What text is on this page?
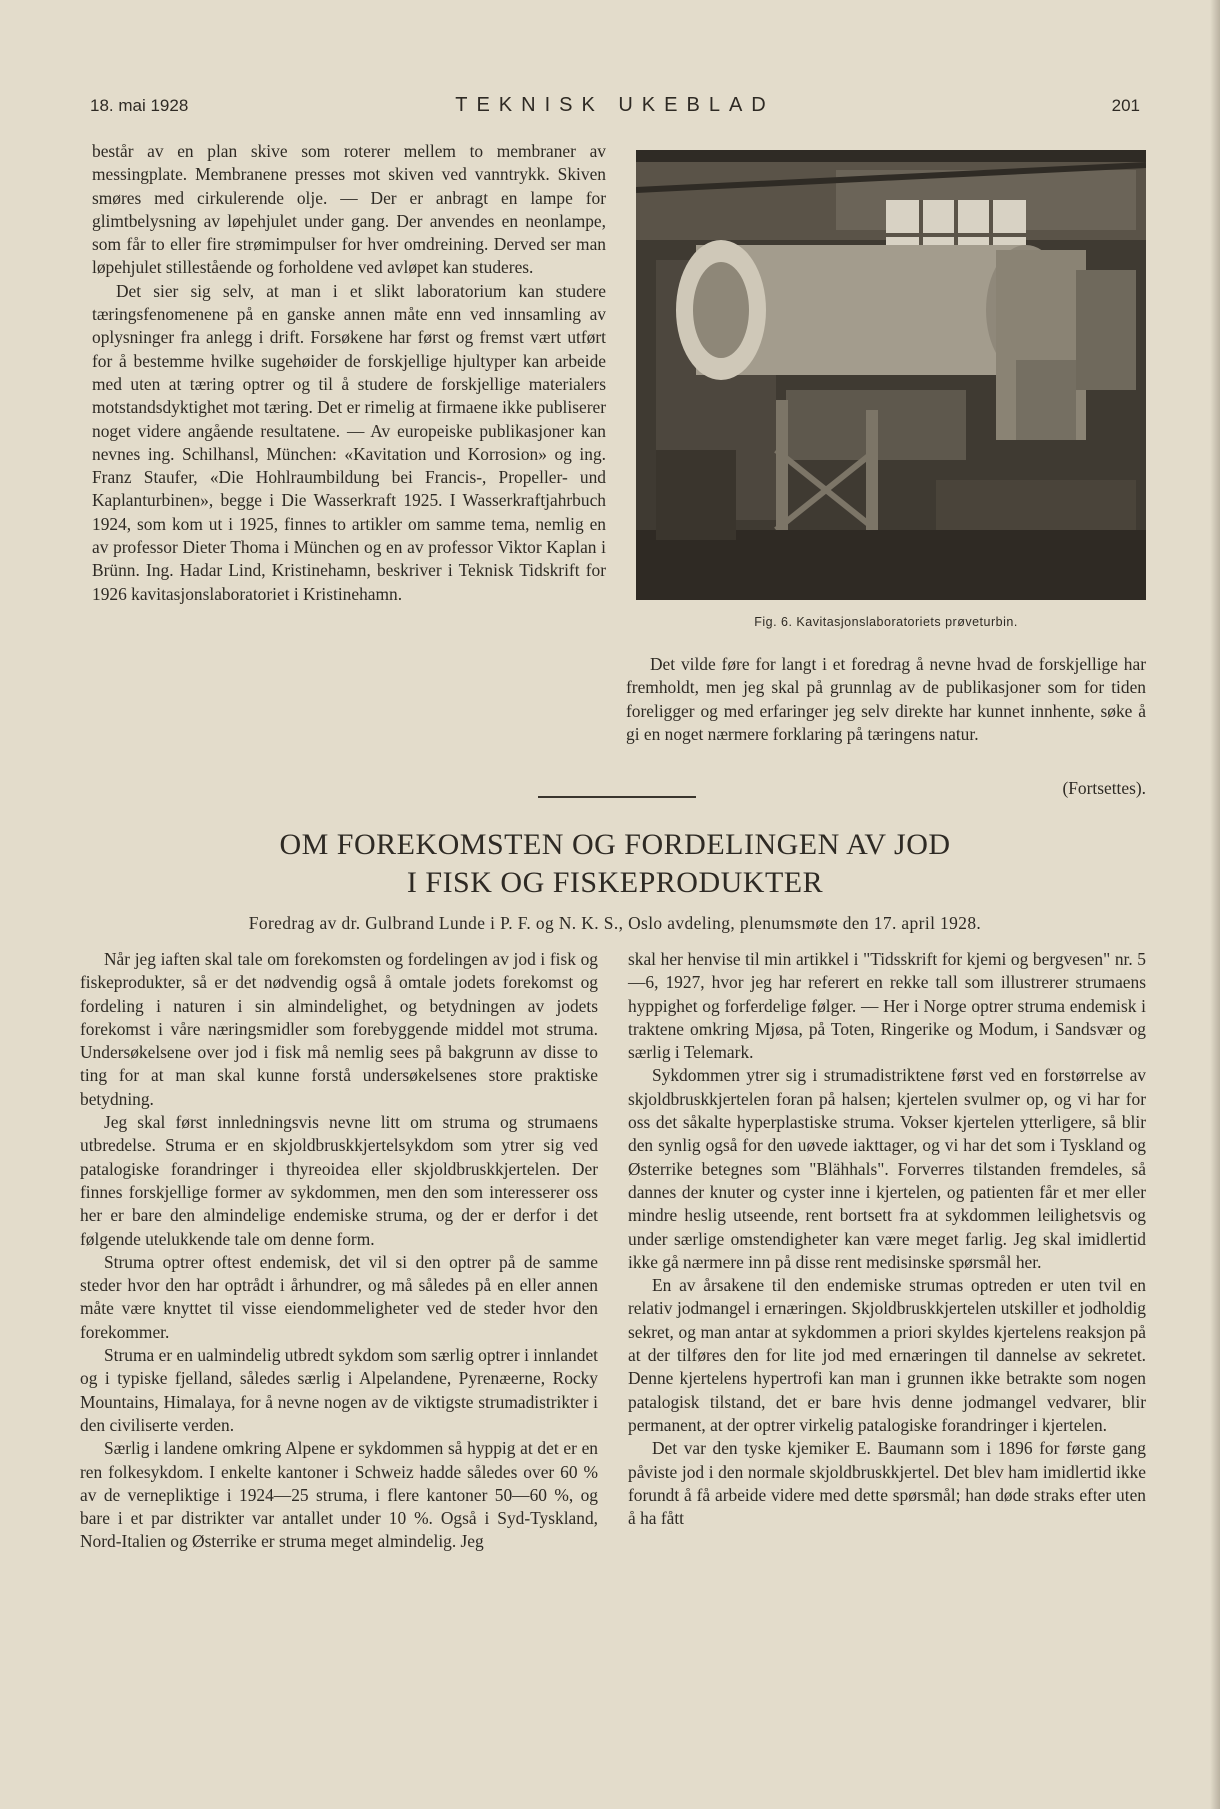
18. mai 1928	TEKNISK UKEBLAD	201

består av en plan skive som roterer mellem to membraner av messingplate. Membranene presses mot skiven ved vanntrykk. Skiven smøres med cirkulerende olje. — Der er anbragt en lampe for glimtbelysning av løpehjulet under gang. Der anvendes en neonlampe, som får to eller fire strømimpulser for hver omdreining. Derved ser man løpehjulet stillestående og forholdene ved avløpet kan studeres.

Det sier sig selv, at man i et slikt laboratorium kan studere tæringsfenomenene på en ganske annen måte enn ved innsamling av oplysninger fra anlegg i drift. Forsøkene har først og fremst vært utført for å bestemme hvilke sugehøider de forskjellige hjultyper kan arbeide med uten at tæring optrer og til å studere de forskjellige materialers motstandsdyktighet mot tæring. Det er rimelig at firmaene ikke publiserer noget videre angående resultatene. — Av europeiske publikasjoner kan nevnes ing. Schilhansl, München: «Kavitation und Korrosion» og ing. Franz Staufer, «Die Hohlraumbildung bei Francis-, Propeller- und Kaplanturbinen», begge i Die Wasserkraft 1925. I Wasserkraftjahrbuch 1924, som kom ut i 1925, finnes to artikler om samme tema, nemlig en av professor Dieter Thoma i München og en av professor Viktor Kaplan i Brünn. Ing. Hadar Lind, Kristinehamn, beskriver i Teknisk Tidskrift for 1926 kavitasjonslaboratoriet i Kristinehamn.

Fig. 6. Kavitasjonslaboratoriets prøveturbin.

Det vilde føre for langt i et foredrag å nevne hvad de forskjellige har fremholdt, men jeg skal på grunnlag av de publikasjoner som for tiden foreligger og med erfaringer jeg selv direkte har kunnet innhente, søke å gi en noget nærmere forklaring på tæringens natur.

(Fortsettes).
OM FOREKOMSTEN OG FORDELINGEN AV JOD
I FISK OG FISKEPRODUKTER
Foredrag av dr. Gulbrand Lunde i P. F. og N. K. S., Oslo avdeling, plenumsmøte den 17. april 1928.

Når jeg iaften skal tale om forekomsten og fordelingen av jod i fisk og fiskeprodukter, så er det nødvendig også å omtale jodets forekomst og fordeling i naturen i sin almindelighet, og betydningen av jodets forekomst i våre næringsmidler som forebyggende middel mot struma. Undersøkelsene over jod i fisk må nemlig sees på bakgrunn av disse to ting for at man skal kunne forstå undersøkelsenes store praktiske betydning.

Jeg skal først innledningsvis nevne litt om struma og strumaens utbredelse. Struma er en skjoldbruskkjertelsykdom som ytrer sig ved patalogiske forandringer i thyreoidea eller skjoldbruskkjertelen. Der finnes forskjellige former av sykdommen, men den som interesserer oss her er bare den almindelige endemiske struma, og der er derfor i det følgende utelukkende tale om denne form.

Struma optrer oftest endemisk, det vil si den optrer på de samme steder hvor den har optrådt i århundrer, og må således på en eller annen måte være knyttet til visse eiendommeligheter ved de steder hvor den forekommer.

Struma er en ualmindelig utbredt sykdom som særlig optrer i innlandet og i typiske fjelland, således særlig i Alpelandene, Pyrenæerne, Rocky Mountains, Himalaya, for å nevne nogen av de viktigste strumadistrikter i den civiliserte verden.

Særlig i landene omkring Alpene er sykdommen så hyppig at det er en ren folkesykdom. I enkelte kantoner i Schweiz hadde således over 60 % av de vernepliktige i 1924—25 struma, i flere kantoner 50—60 %, og bare i et par distrikter var antallet under 10 %. Også i Syd-Tyskland, Nord-Italien og Østerrike er struma meget almindelig. Jeg

skal her henvise til min artikkel i "Tidsskrift for kjemi og bergvesen" nr. 5—6, 1927, hvor jeg har referert en rekke tall som illustrerer strumaens hyppighet og forferdelige følger. — Her i Norge optrer struma endemisk i traktene omkring Mjøsa, på Toten, Ringerike og Modum, i Sandsvær og særlig i Telemark.

Sykdommen ytrer sig i strumadistriktene først ved en forstørrelse av skjoldbruskkjertelen foran på halsen; kjertelen svulmer op, og vi har for oss det såkalte hyperplastiske struma. Vokser kjertelen ytterligere, så blir den synlig også for den uøvede iakttager, og vi har det som i Tyskland og Østerrike betegnes som "Blähhals". Forverres tilstanden fremdeles, så dannes der knuter og cyster inne i kjertelen, og patienten får et mer eller mindre heslig utseende, rent bortsett fra at sykdommen leilighetsvis og under særlige omstendigheter kan være meget farlig. Jeg skal imidlertid ikke gå nærmere inn på disse rent medisinske spørsmål her.

En av årsakene til den endemiske strumas optreden er uten tvil en relativ jodmangel i ernæringen. Skjoldbruskkjertelen utskiller et jodholdig sekret, og man antar at sykdommen a priori skyldes kjertelens reaksjon på at der tilføres den for lite jod med ernæringen til dannelse av sekretet. Denne kjertelens hypertrofi kan man i grunnen ikke betrakte som nogen patalogisk tilstand, det er bare hvis denne jodmangel vedvarer, blir permanent, at der optrer virkelig patalogiske forandringer i kjertelen.

Det var den tyske kjemiker E. Baumann som i 1896 for første gang påviste jod i den normale skjoldbruskkjertel. Det blev ham imidlertid ikke forundt å få arbeide videre med dette spørsmål; han døde straks efter uten å ha fått
